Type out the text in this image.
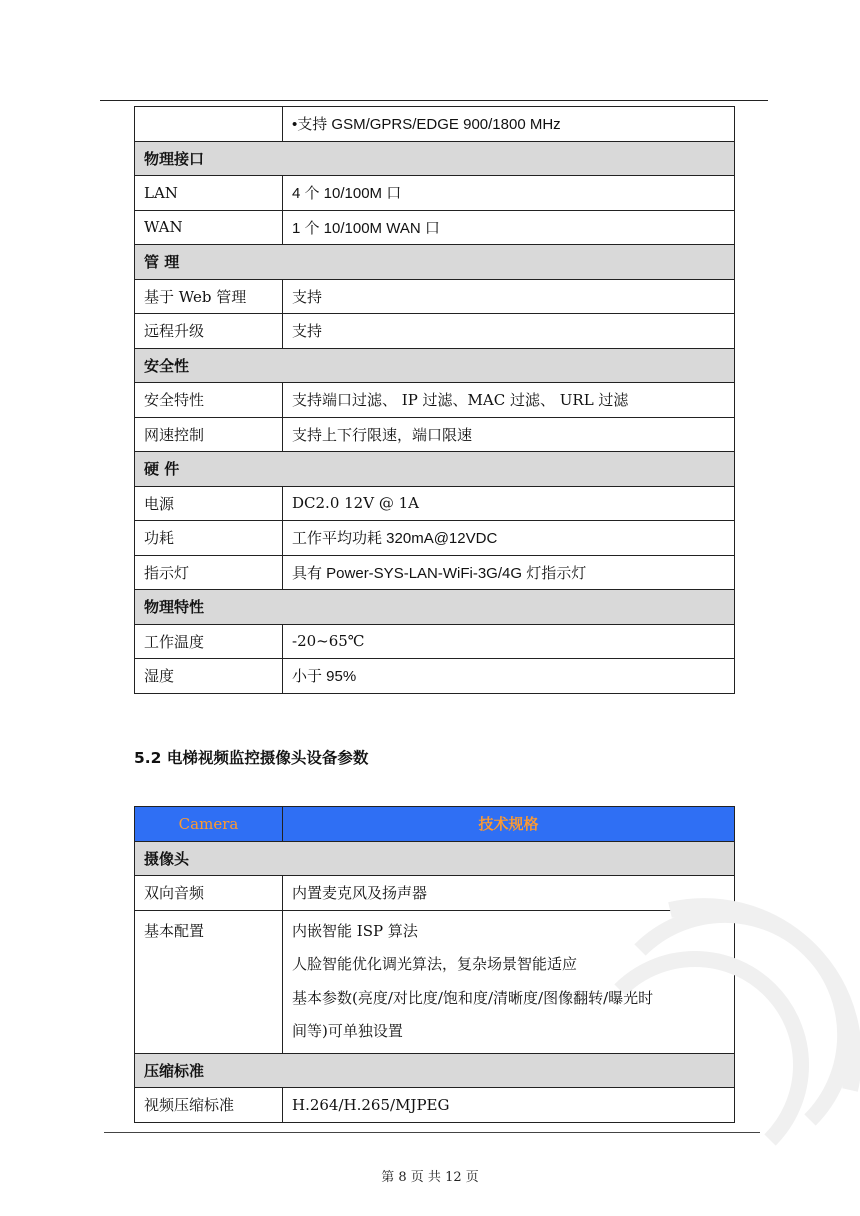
	•支持 GSM/GPRS/EDGE 900/1800 MHz
物理接口	
LAN	4 个 10/100M 口
WAN	1 个 10/100M WAN 口
管 理	
基于 Web 管理	支持
远程升级	支持
安全性	
安全特性	支持端口过滤、 IP 过滤、MAC 过滤、 URL 过滤
网速控制	支持上下行限速，端口限速
硬 件	
电源	DC2.0 12V @ 1A
功耗	工作平均功耗 320mA@12VDC
指示灯	具有 Power-SYS-LAN-WiFi-3G/4G 灯指示灯
物理特性	
工作温度	-20~65℃
湿度	小于 95%
5.2 电梯视频监控摄像头设备参数
Camera	技术规格
摄像头	
双向音频	内置麦克风及扬声器
基本配置	内嵌智能 ISP 算法
人脸智能优化调光算法，复杂场景智能适应
基本参数(亮度/对比度/饱和度/清晰度/图像翻转/曝光时
间等)可单独设置

压缩标准	
视频压缩标准	H.264/H.265/MJPEG
第 8 页 共 12 页
